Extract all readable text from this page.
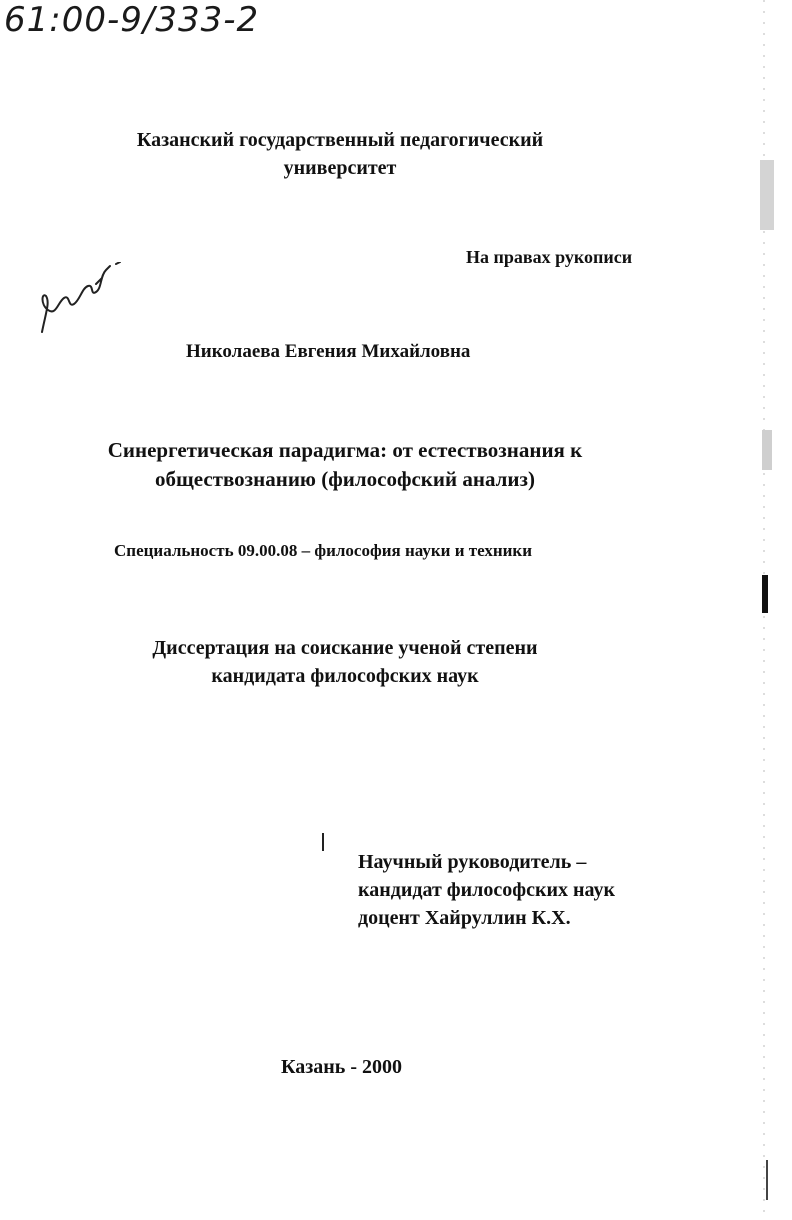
61:00-9/333-2
Казанский государственный педагогический
университет
На правах рукописи
Николаева Евгения Михайловна
Синергетическая парадигма: от естествознания к
обществознанию (философский анализ)
Специальность 09.00.08 – философия науки и техники
Диссертация на соискание ученой степени
кандидата философских наук
Научный руководитель –
кандидат философских наук
доцент Хайруллин К.Х.
Казань - 2000
